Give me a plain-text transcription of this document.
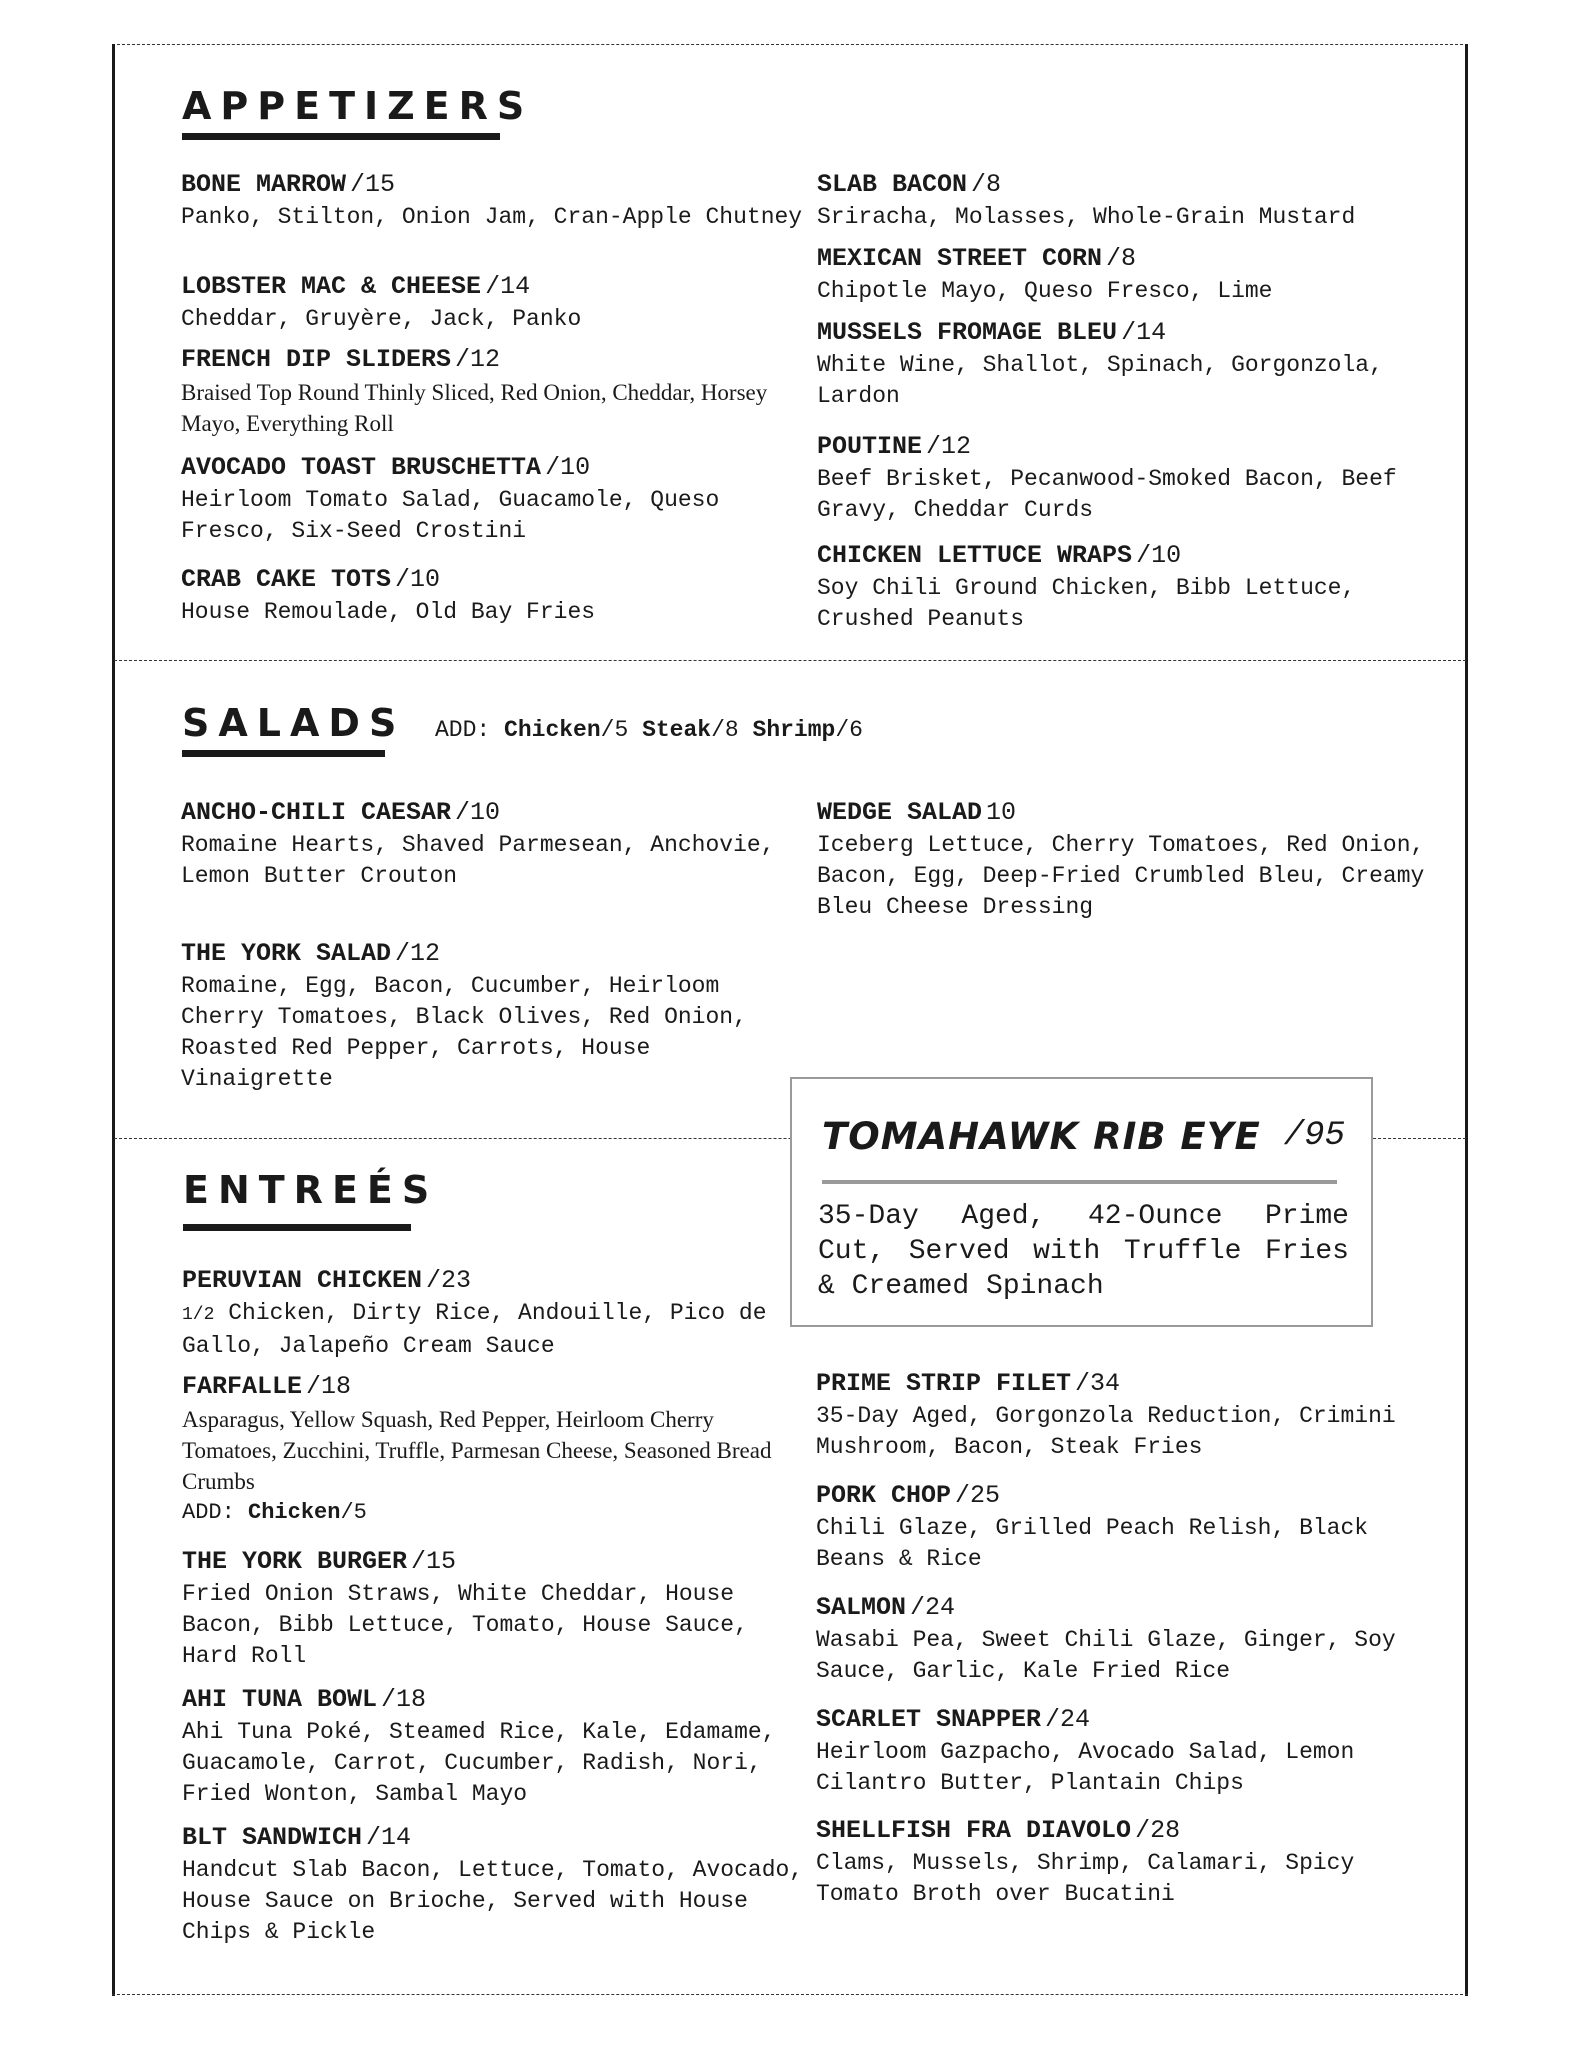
APPETIZERS
BONE MARROW /15

Panko, Stilton, Onion Jam, Cran-Apple Chutney

LOBSTER MAC & CHEESE /14

Cheddar, Gruyère, Jack, Panko

FRENCH DIP SLIDERS /12

Braised Top Round Thinly Sliced, Red Onion, Cheddar, Horsey Mayo, Everything Roll

AVOCADO TOAST BRUSCHETTA /10

Heirloom Tomato Salad, Guacamole, Queso Fresco, Six-Seed Crostini

CRAB CAKE TOTS /10

House Remoulade, Old Bay Fries

SLAB BACON /8

Sriracha, Molasses, Whole-Grain Mustard

MEXICAN STREET CORN /8

Chipotle Mayo, Queso Fresco, Lime

MUSSELS FROMAGE BLEU /14

White Wine, Shallot, Spinach, Gorgonzola, Lardon

POUTINE /12

Beef Brisket, Pecanwood-Smoked Bacon, Beef Gravy, Cheddar Curds

CHICKEN LETTUCE WRAPS /10

Soy Chili Ground Chicken, Bibb Lettuce, Crushed Peanuts

SALADS ADD: Chicken/5 Steak/8 Shrimp/6
ANCHO-CHILI CAESAR /10

Romaine Hearts, Shaved Parmesean, Anchovie, Lemon Butter Crouton

THE YORK SALAD /12

Romaine, Egg, Bacon, Cucumber, Heirloom Cherry Tomatoes, Black Olives, Red Onion, Roasted Red Pepper, Carrots, House Vinaigrette

WEDGE SALAD 10

Iceberg Lettuce, Cherry Tomatoes, Red Onion, Bacon, Egg, Deep-Fried Crumbled Bleu, Creamy Bleu Cheese Dressing

TOMAHAWK RIB EYE /95
35-Day Aged, 42-Ounce Prime Cut, Served with Truffle Fries & Creamed Spinach
ENTREÉS
PERUVIAN CHICKEN /23

1/2 Chicken, Dirty Rice, Andouille, Pico de Gallo, Jalapeño Cream Sauce

FARFALLE /18

Asparagus, Yellow Squash, Red Pepper, Heirloom Cherry Tomatoes, Zucchini, Truffle, Parmesan Cheese, Seasoned Bread Crumbs

ADD: Chicken/5
THE YORK BURGER /15

Fried Onion Straws, White Cheddar, House Bacon, Bibb Lettuce, Tomato, House Sauce, Hard Roll

AHI TUNA BOWL /18

Ahi Tuna Poké, Steamed Rice, Kale, Edamame, Guacamole, Carrot, Cucumber, Radish, Nori, Fried Wonton, Sambal Mayo

BLT SANDWICH /14

Handcut Slab Bacon, Lettuce, Tomato, Avocado, House Sauce on Brioche, Served with House Chips & Pickle

PRIME STRIP FILET /34

35-Day Aged, Gorgonzola Reduction, Crimini Mushroom, Bacon, Steak Fries

PORK CHOP /25

Chili Glaze, Grilled Peach Relish, Black Beans & Rice

SALMON /24

Wasabi Pea, Sweet Chili Glaze, Ginger, Soy Sauce, Garlic, Kale Fried Rice

SCARLET SNAPPER /24

Heirloom Gazpacho, Avocado Salad, Lemon Cilantro Butter, Plantain Chips

SHELLFISH FRA DIAVOLO /28

Clams, Mussels, Shrimp, Calamari, Spicy Tomato Broth over Bucatini
